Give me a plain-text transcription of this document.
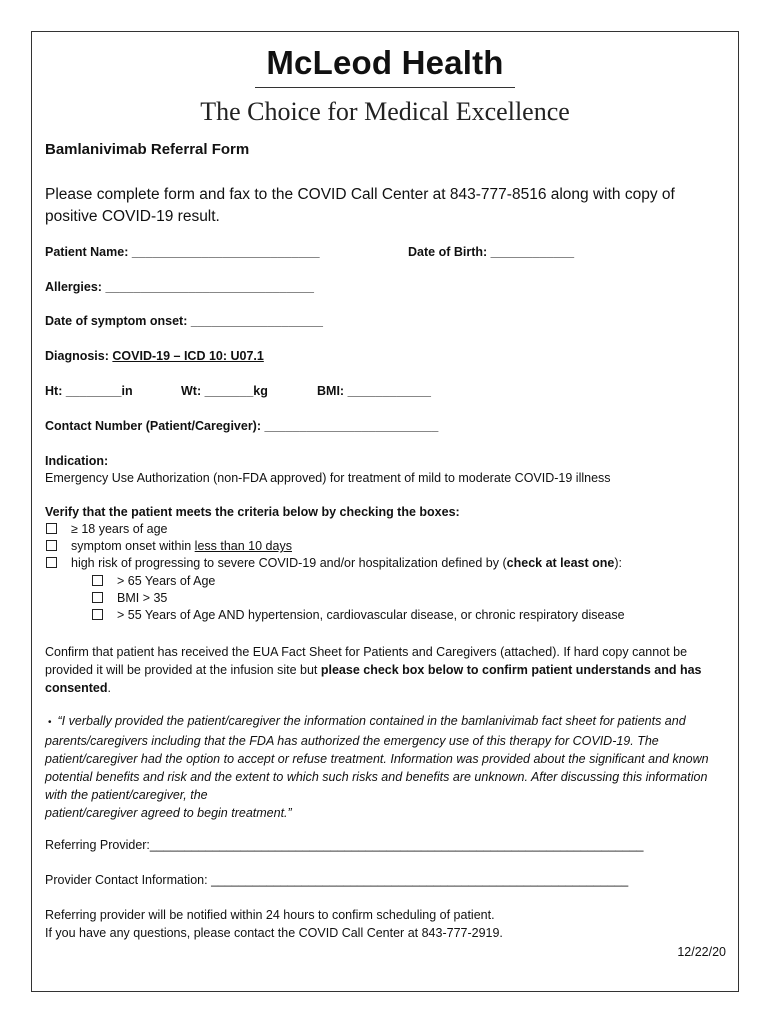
McLeod Health
The Choice for Medical Excellence
Bamlanivimab Referral Form
Please complete form and fax to the COVID Call Center at 843-777-8516 along with copy of positive COVID-19 result.
Patient Name: ___________________________	Date of Birth: ____________
Allergies: ______________________________
Date of symptom onset: ___________________
Diagnosis: COVID-19 – ICD 10: U07.1
Ht: ________in	Wt: _______kg	BMI: ____________
Contact Number (Patient/Caregiver): _________________________
Indication:
Emergency Use Authorization (non-FDA approved) for treatment of mild to moderate COVID-19 illness
Verify that the patient meets the criteria below by checking the boxes:
≥ 18 years of age
symptom onset within less than 10 days
high risk of progressing to severe COVID-19 and/or hospitalization defined by (check at least one):
> 65 Years of Age
BMI > 35
> 55 Years of Age AND hypertension, cardiovascular disease, or chronic respiratory disease
Confirm that patient has received the EUA Fact Sheet for Patients and Caregivers (attached). If hard copy cannot be provided it will be provided at the infusion site but please check box below to confirm patient understands and has consented.
• “I verbally provided the patient/caregiver the information contained in the bamlanivimab fact sheet for patients and parents/caregivers including that the FDA has authorized the emergency use of this therapy for COVID-19. The patient/caregiver had the option to accept or refuse treatment. Information was provided about the significant and known potential benefits and risk and the extent to which such risks and benefits are unknown. After discussing this information with the patient/caregiver, the
patient/caregiver agreed to begin treatment.”
Referring Provider:_______________________________________________________________________
Provider Contact Information: ____________________________________________________________
Referring provider will be notified within 24 hours to confirm scheduling of patient.
If you have any questions, please contact the COVID Call Center at 843-777-2919.
12/22/20
